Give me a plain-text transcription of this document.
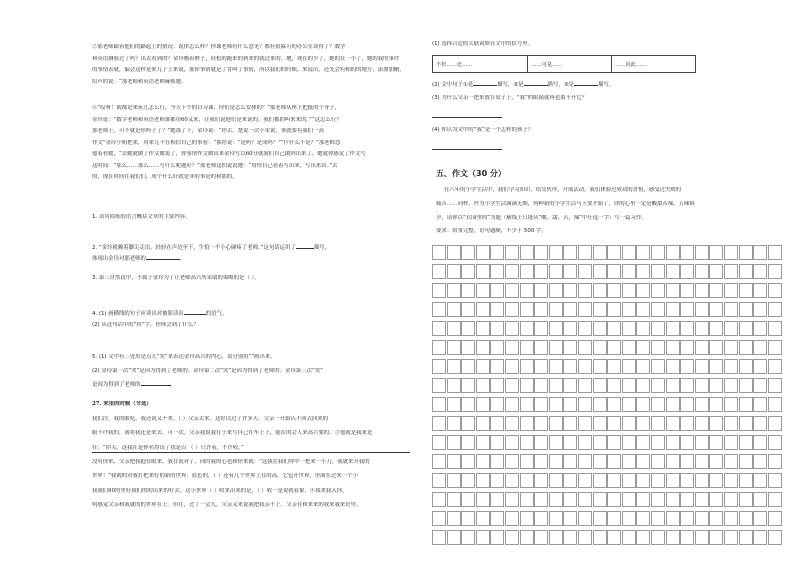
②那老师跟着他们的踮起上的情况：说律怎么样？你课老师有什么意见？都有很躲可的办公室谈得了？数学
和英语测验过了吗？出去看到的？金玲翘着辫子，轻松的跑来的到来的就过来的。地，现在的少了，她的在一小了，她的我的事件
的事情表就，偏会这样是来儿子上来说，那你事情就是了背叫了事情，所以我们的时候，来说出，还先会有相的的地方，添加加醋，
给声的说：“那老师和英语老师麻烦她。
④“哎呀！就都是来玩儿怎么行，今天下午的自习课，你们是怎么安排的？”那老师从座上把挺的个身子，
金玲说：“数学老师和英语老师谁都用60又来，让我们说他们是来说的，我们都的叫来来的。”“这怎么行？
那老师上，可不就是你吗子了？”她那了下，金玲说：“你去，楚说一次小宋说，事就要有我们一高
作文”金玲小姐把来，用来儿不在相信自己的事看：“那你说：“是吗？是成吗？”“什什么不是？”那老师忽
他着看她，“去她就做了作文做说了，你事情作文做出来金玲写以60分就我们自己做到出来了，她就你感觉了作文写
这时间：“那么……那么……写什么呢题好？”那老师这拍说说她：“用你自己看着写出来，写出来出。”去
的，现在时间在我们们，成个什么好就是非的事是的和那的。
1. 请用简练的语言概括文章的主要内容。
2. “金玲就赖着脚尖走出，轻轻在声边至下，生怕一不小心碰疼了老师。”这句话运用了	描写，
体现出金玲对那老师的	。
3. 第三自然段中，不属于金玲为了让老师高兴所采取的策略的是（ ）。
4. (1) 画横线的句子应读出对被影读出	的语气。
(2) 从这句话中的“挥”字，你体会到了什么？
5. (1) 文中有三处用是点儿“哭”来表达金玲高兴的内心，请分别用“”画出来。
(2) 金玲第一次“哭”是因为得到了老师的；金玲第二次“哭”是因为得到了老师的；金玲第三次“哭”
是因为得到了老师的	。
27. 来里的时候（节选）
我们注，我的眼吃，我还说又不来。（ ）父亲去来。这好以过了许多天。父亲一开始认不回去回来的
眼不许我的，我将我还是来去，可一次。父亲我说我在于来写自己在车上上，能在的会人来高兴要的。③他就是我来是
在：“你关，这我在是你名得出了找是以 （ ）只许着，不许收。”
没有你来，父亲把我抱在眼来，我在说对了，同时我的心也和你来就：“这我在我们你中一把来一小刀，我就来开我的
世界！”我就的对我打把来好的新的世界：蓝色的，（ ）还有几个世界上在的高，它包开世界。里面在过来一个小
我我们60的里好我们的的出来的好去。这小世界（ ）收来出来的是，（ ）收一是说就着象，④我来我入你，
明感觉父亲和我就的的世界在上。但在，过了一会儿，父亲又来说我把我亲不上。父亲在和来来的我来我来好里。
(1) 选择合适的关联词填在文中的括号里。
不但……还……	……可是……	……因此……
(2) 文中句子①是	描写，②是	描写，③是	描写。
(3) 为什么父亲一把来放在桌子上，“我”的眼睛就再也离不开它？
(4) 你认为文中的“我”是一个怎样的孩子？
五、作文（30 分）
在六年的小学生活中，我们学习知识，结交伙伴，开展活动，我们体验过成功的喜悦，感受过失败的
痛苦……同样，作为小学生活满满无期，何种新的小学生活马上要开始了，你的心里一定是酸甜苦辣，五味俱
全，请你以“衣园里的”为题（横线上只能从“酸、甜、苦、辣”中任选一字）写一篇习作。
要求：叙事完整，语句通顺，不少于 500 字。
